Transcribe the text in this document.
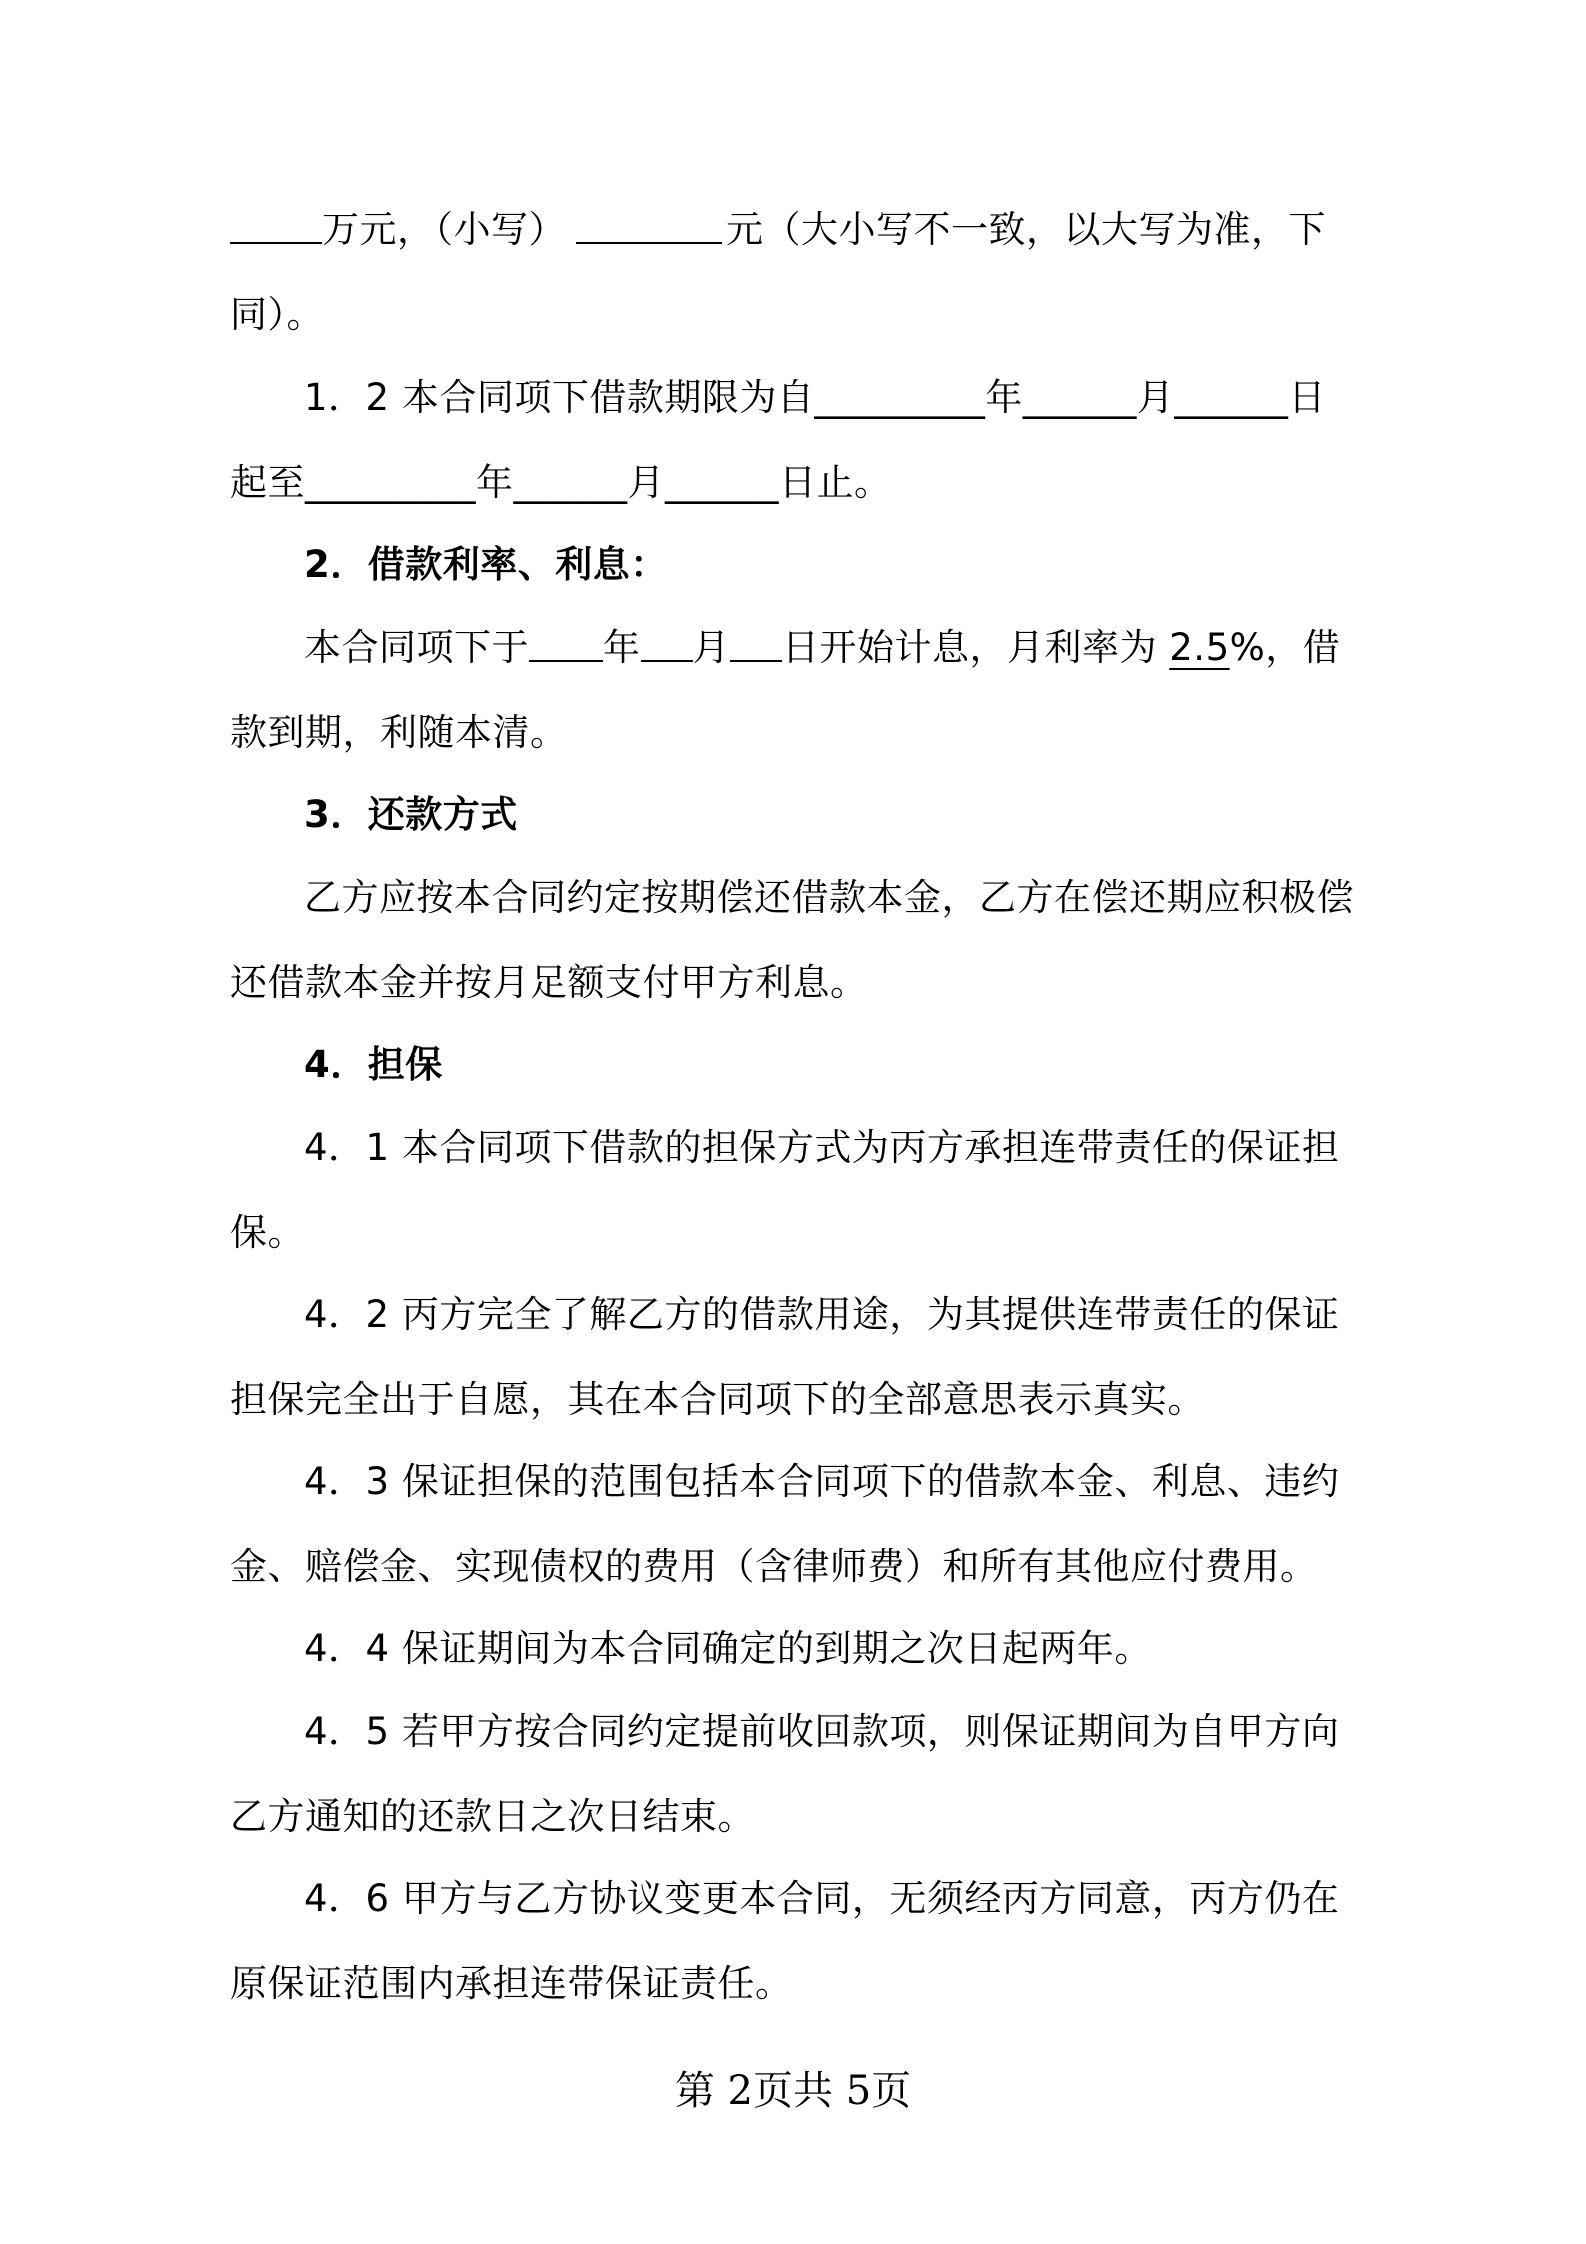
万元，（小写）	元（大小写不一致，以大写为准，下
同）。
1．2 本合同项下借款期限为自_________年______月______日
起至_________年______月______日止。
2．借款利率、利息：
本合同项下于 年 月 日开始计息，月利率为 2.5%，借
款到期，利随本清。
3．还款方式
乙方应按本合同约定按期偿还借款本金，乙方在偿还期应积极偿
还借款本金并按月足额支付甲方利息。
4．担保
4．1 本合同项下借款的担保方式为丙方承担连带责任的保证担
保。
4．2 丙方完全了解乙方的借款用途，为其提供连带责任的保证
担保完全出于自愿，其在本合同项下的全部意思表示真实。
4．3 保证担保的范围包括本合同项下的借款本金、利息、违约
金、赔偿金、实现债权的费用（含律师费）和所有其他应付费用。
4．4 保证期间为本合同确定的到期之次日起两年。
4．5 若甲方按合同约定提前收回款项，则保证期间为自甲方向
乙方通知的还款日之次日结束。
4．6 甲方与乙方协议变更本合同，无须经丙方同意，丙方仍在
原保证范围内承担连带保证责任。
第 2页共 5页
